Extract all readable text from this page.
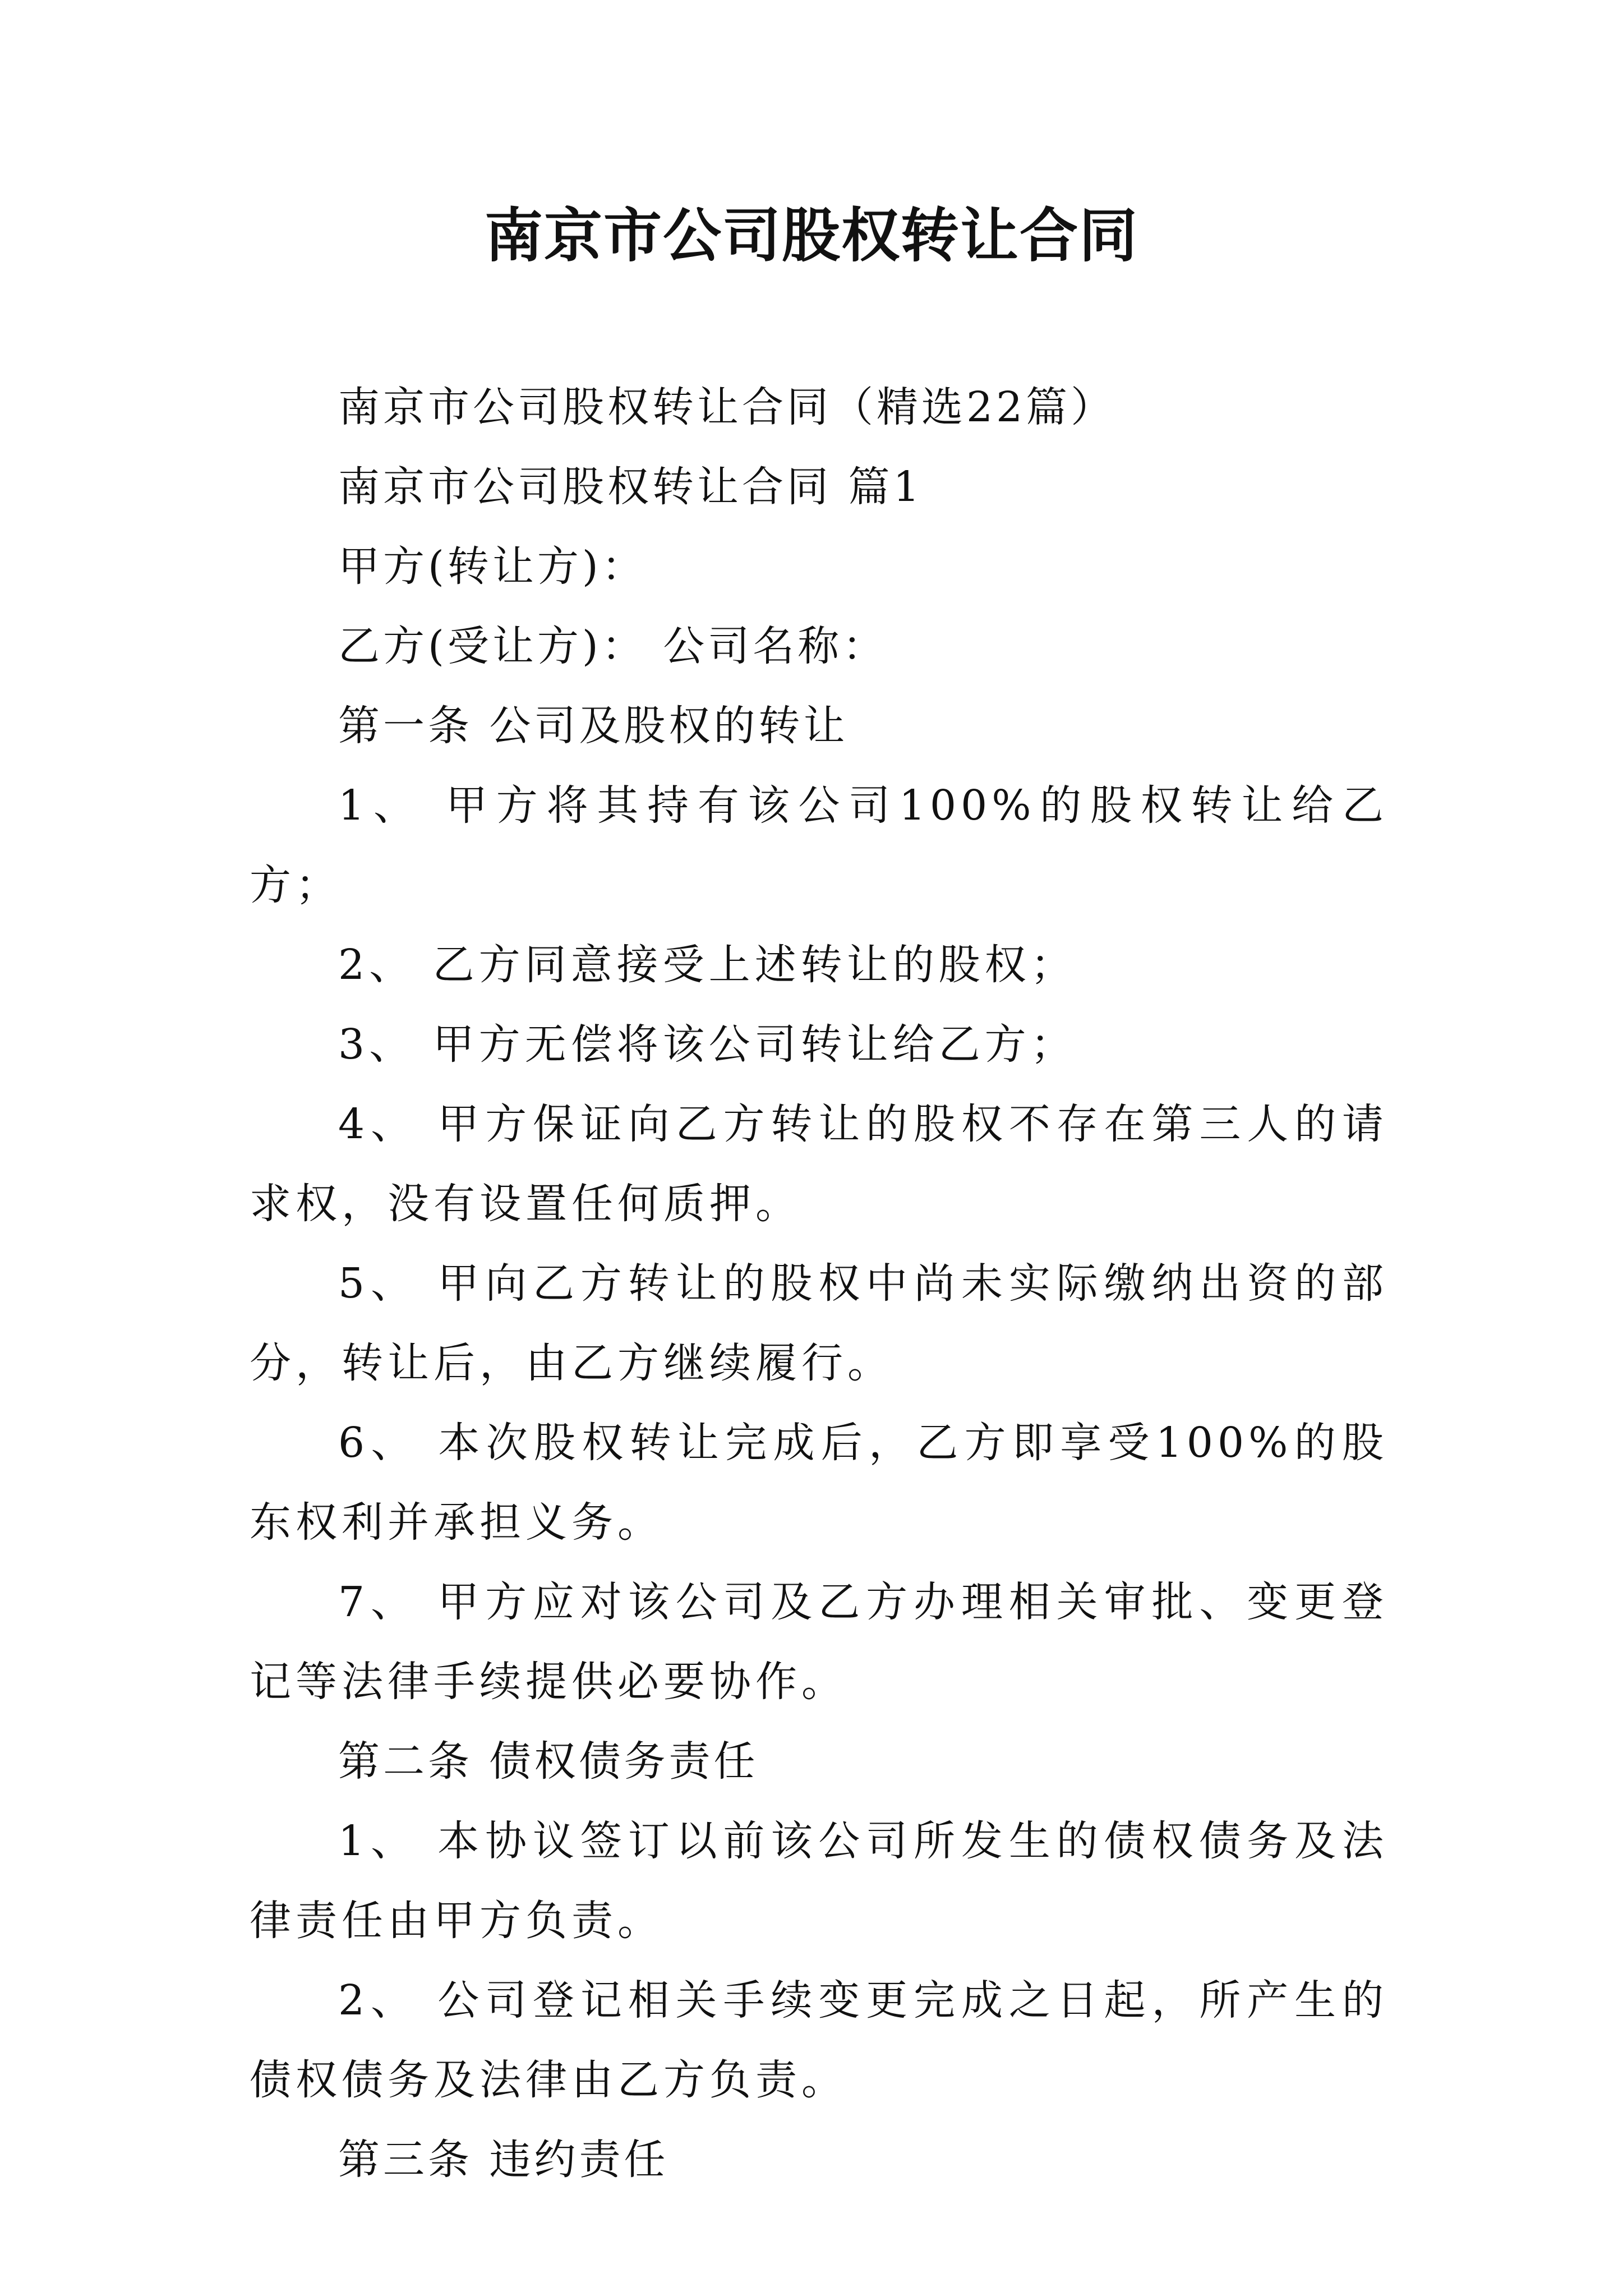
南京市公司股权转让合同

南京市公司股权转让合同（精选22篇）

南京市公司股权转让合同 篇1

甲方(转让方)：

乙方(受让方)： 公司名称：

第一条 公司及股权的转让

1、 甲方将其持有该公司100%的股权转让给乙方；

2、 乙方同意接受上述转让的股权；

3、 甲方无偿将该公司转让给乙方；

4、 甲方保证向乙方转让的股权不存在第三人的请求权，没有设置任何质押。

5、 甲向乙方转让的股权中尚未实际缴纳出资的部分，转让后，由乙方继续履行。

6、 本次股权转让完成后，乙方即享受100%的股东权利并承担义务。

7、 甲方应对该公司及乙方办理相关审批、变更登记等法律手续提供必要协作。

第二条 债权债务责任

1、 本协议签订以前该公司所发生的债权债务及法律责任由甲方负责。

2、 公司登记相关手续变更完成之日起，所产生的债权债务及法律由乙方负责。

第三条 违约责任
